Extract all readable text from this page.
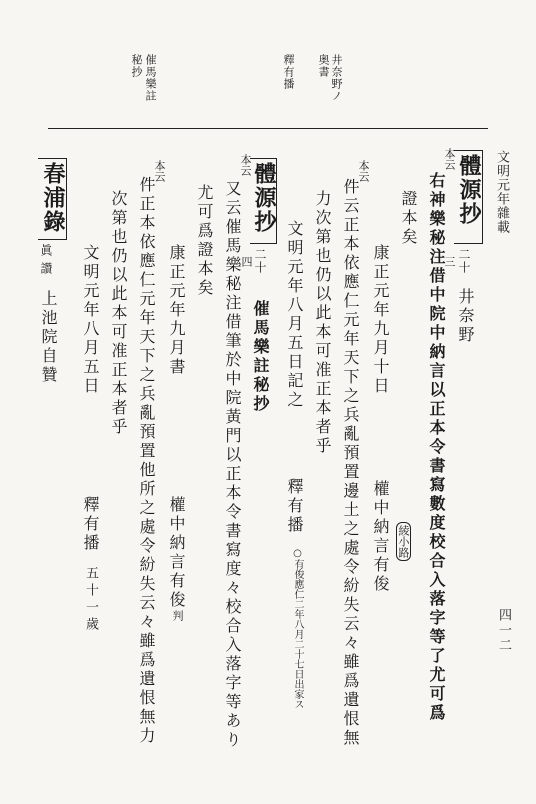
文明元年雜載
四一二
井奈野ノ
奥書
催馬樂註
秘抄	釋有播
體源抄
本云
二十
三
井奈野
右神樂秘注借中院中納言以正本令書寫數度校合入落字等了尤可爲
證本矣
康正元年九月十日
權中納言有俊 綾小路
本云
件云正本依應仁元年天下之兵亂預置邊土之處令紛失云々雖爲遺恨無
力次第也仍以此本可准正本者乎
文明元年八月五日記之
釋有播
○有俊應仁二年八月二十七日出家ス
體源抄
本云
二十
四
催馬樂註秘抄
又云催馬樂秘注借筆於中院黃門以正本令書寫度々校合入落字等あり
尤可爲證本矣
康正元年九月書
權中納言有俊
判
本云
件正本依應仁元年天下之兵亂預置他所之處令紛失云々雖爲遺恨無力
次第也仍以此本可准正本者乎
文明元年八月五日
釋有播
五十一歲
春浦錄
眞讚
上池院自贊
